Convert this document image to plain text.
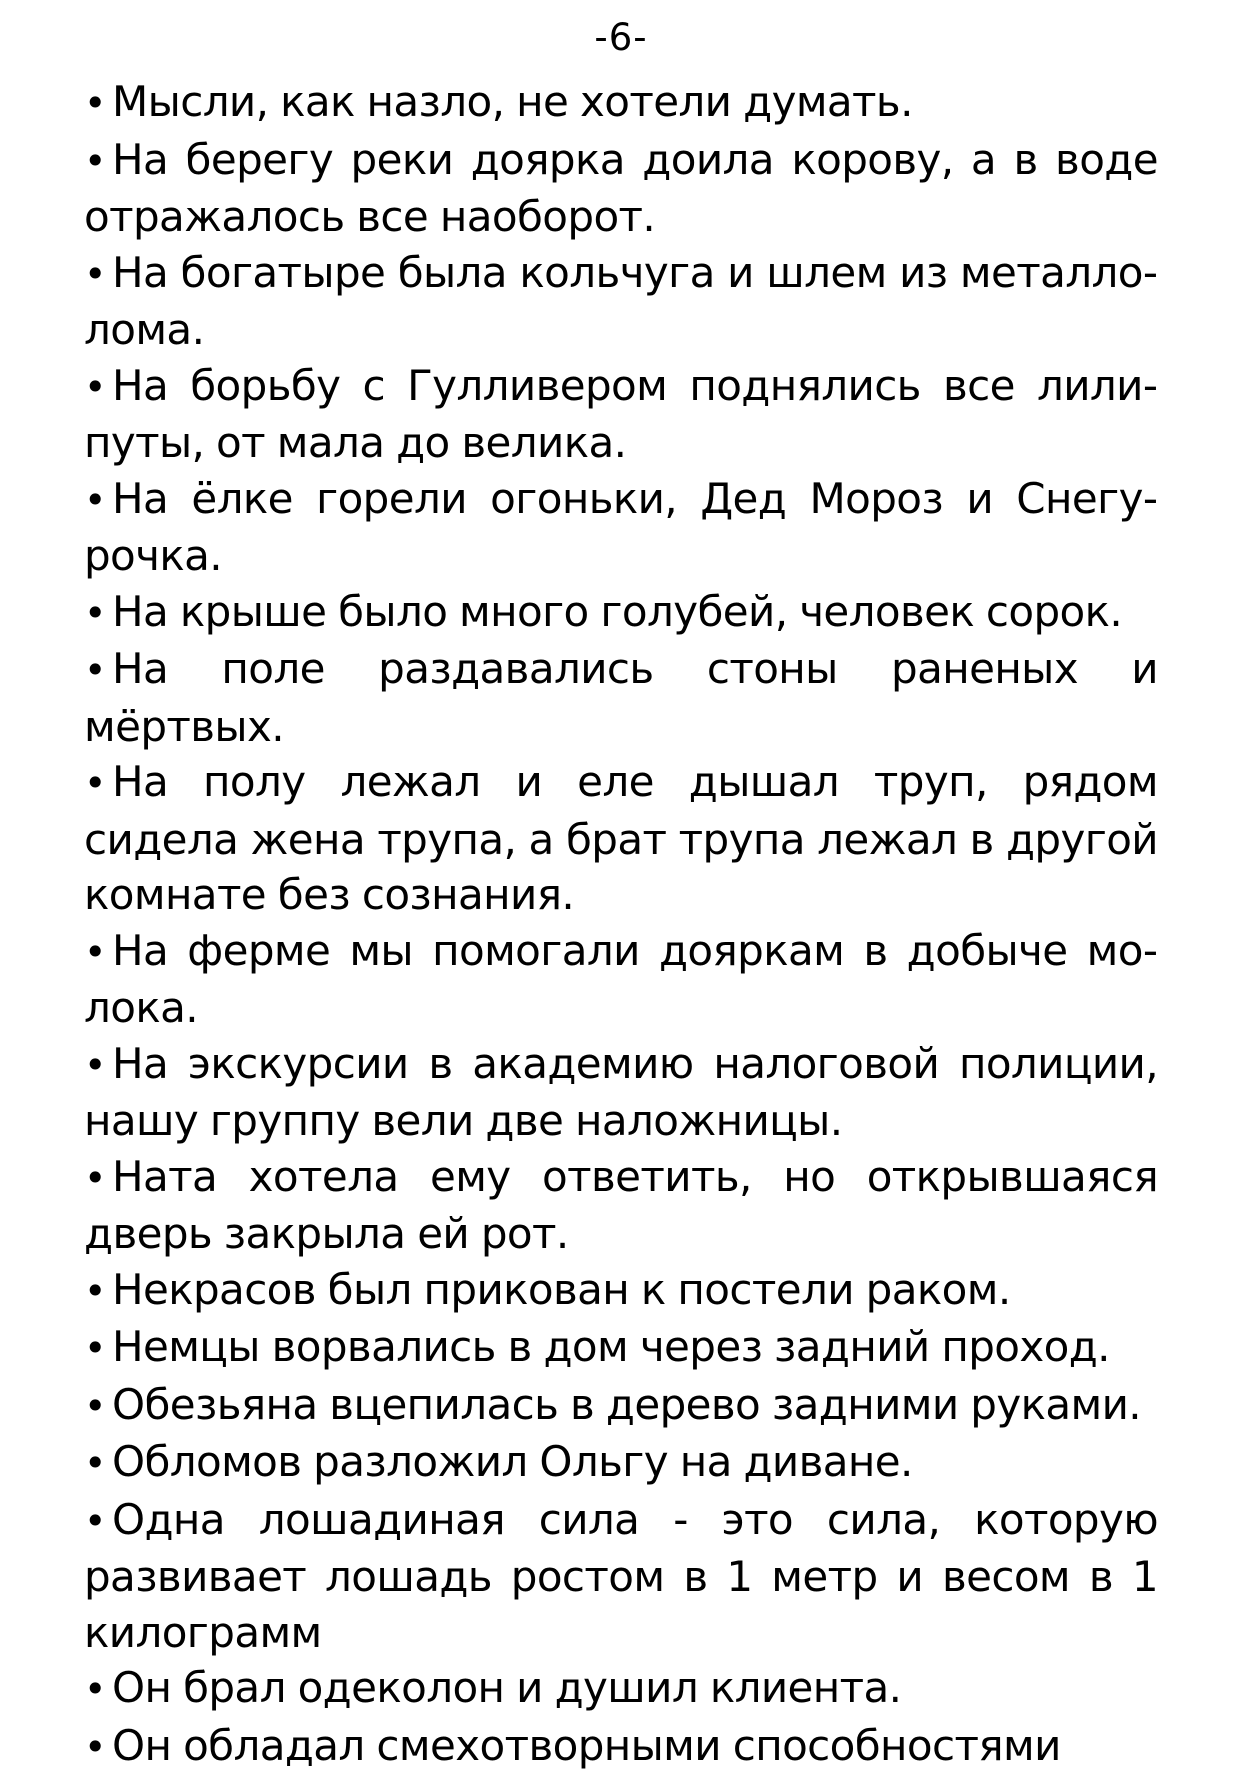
-6-
• Мысли, как назло, не хотели думать.
• На берегу реки доярка доила корову, а в воде отражалось все наоборот.
• На богатыре была кольчуга и шлем из металлолома.
• На борьбу с Гулливером поднялись все лилипуты, от мала до велика.
• На ёлке горели огоньки, Дед Мороз и Снегурочка.
• На крыше было много голубей, человек сорок.
• На поле раздавались стоны раненых и мёртвых.
• На полу лежал и еле дышал труп, рядом сидела жена трупа, а брат трупа лежал в другой комнате без сознания.
• На ферме мы помогали дояркам в добыче молока.
• На экскурсии в академию налоговой полиции, нашу группу вели две наложницы.
• Ната хотела ему ответить, но открывшаяся дверь закрыла ей рот.
• Некрасов был прикован к постели раком.
• Немцы ворвались в дом через задний проход.
• Обезьяна вцепилась в дерево задними руками.
• Обломов разложил Ольгу на диване.
• Одна лошадиная сила - это сила, которую развивает лошадь ростом в 1 метр и весом в 1 килограмм
• Он брал одеколон и душил клиента.
• Он обладал смехотворными способностями
